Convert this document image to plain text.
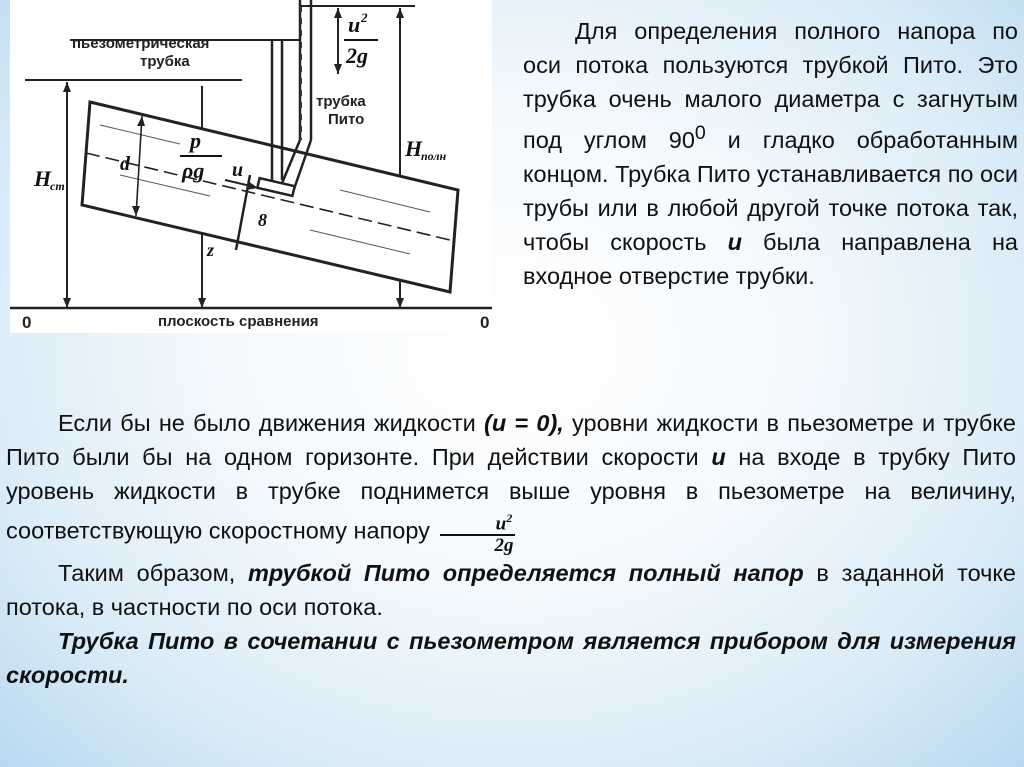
пьезометрическая
трубка
трубка
Пито
u 2
2g
p
ρg
H
ст
H
полн
d
z
u
8
0	0
плоскость сравнения
Для определения полного напора по оси потока пользуются трубкой Пито. Это трубка очень малого диаметра с загнутым под углом $90^0$ и гладко обработанным концом. Трубка Пито устанавливается по оси трубы или в любой другой точке потока так, чтобы скорость u была направлена на входное отверстие трубки.

Если бы не было движения жидкости (u = 0), уровни жидкости в пьезометре и трубке Пито были бы на одном горизонте. При действии скорости u на входе в трубку Пито уровень жидкости в трубке поднимется выше уровня в пьезометре на величину, соответствующую скоростному напору $\frac{u^2}{2g}$

Таким образом, трубкой Пито определяется полный напор в заданной точке потока, в частности по оси потока.

Трубка Пито в сочетании с пьезометром является прибором для измерения скорости.
